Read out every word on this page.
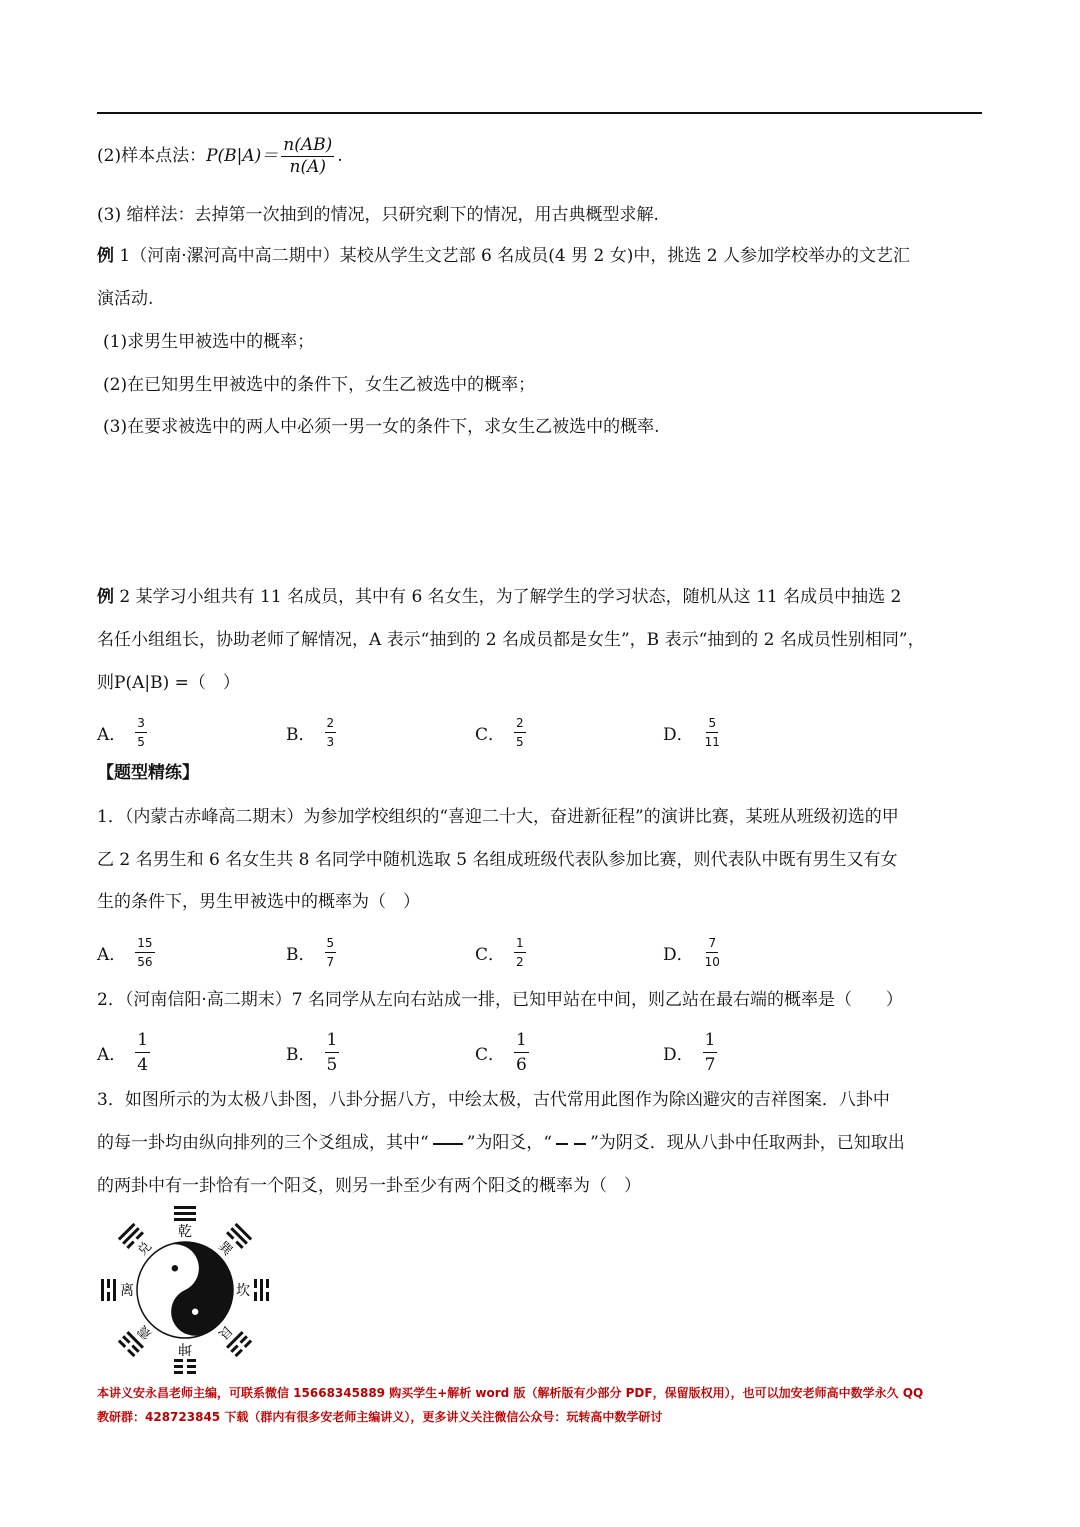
(2)样本点法：$P(B|A)= \frac{n(AB)}{n(A)}$ .
(3) 缩样法：去掉第一次抽到的情况，只研究剩下的情况，用古典概型求解.
例 1（河南·漯河高中高二期中）某校从学生文艺部 6 名成员(4 男 2 女)中，挑选 2 人参加学校举办的文艺汇
演活动.
(1)求男生甲被选中的概率；
(2)在已知男生甲被选中的条件下，女生乙被选中的概率；
(3)在要求被选中的两人中必须一男一女的条件下，求女生乙被选中的概率.
例 2 某学习小组共有 11 名成员，其中有 6 名女生，为了解学生的学习状态，随机从这 11 名成员中抽选 2
名任小组组长，协助老师了解情况，A 表示“抽到的 2 名成员都是女生”，B 表示“抽到的 2 名成员性别相同”，
则P(A|B) =（　）
A． $\frac{3}{5}$	B． $\frac{2}{3}$	C． $\frac{2}{5}$	D． $\frac{5}{11}$
【题型精练】
1．（内蒙古赤峰高二期末）为参加学校组织的“喜迎二十大，奋进新征程”的演讲比赛，某班从班级初选的甲
乙 2 名男生和 6 名女生共 8 名同学中随机选取 5 名组成班级代表队参加比赛，则代表队中既有男生又有女
生的条件下，男生甲被选中的概率为（　）
A． $\frac{15}{56}$	B． $\frac{5}{7}$	C． $\frac{1}{2}$	D． $\frac{7}{10}$
2．（河南信阳·高二期末）7 名同学从左向右站成一排，已知甲站在中间，则乙站在最右端的概率是（　　）
A． $\frac{1}{4}$	B． $\frac{1}{5}$	C． $\frac{1}{6}$	D． $\frac{1}{7}$
3．如图所示的为太极八卦图，八卦分据八方，中绘太极，古代常用此图作为除凶避灾的吉祥图案．八卦中
的每一卦均由纵向排列的三个爻组成，其中“ ”为阳爻，“ ”为阴爻．现从八卦中任取两卦，已知取出
的两卦中有一卦恰有一个阳爻，则另一卦至少有两个阳爻的概率为（　）
乾
坤
离	坎
兑	巽
震	艮
本讲义安永昌老师主编，可联系微信 15668345889 购买学生+解析 word 版（解析版有少部分 PDF，保留版权用），也可以加安老师高中数学永久 QQ
教研群：428723845 下载（群内有很多安老师主编讲义），更多讲义关注微信公众号：玩转高中数学研讨
